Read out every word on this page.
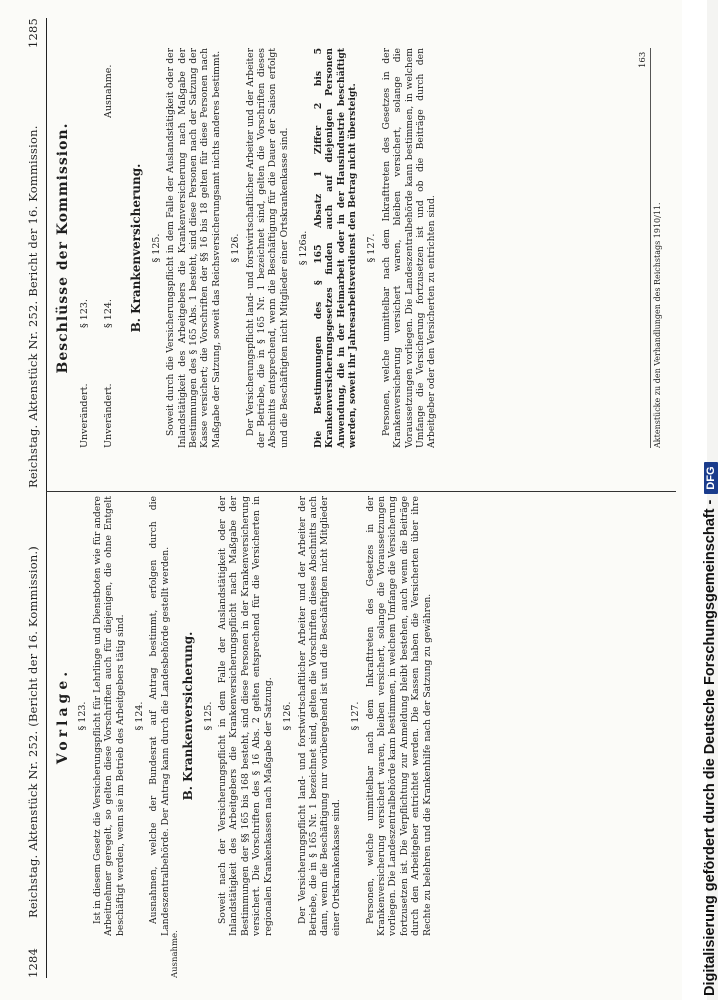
1284
Reichstag. Aktenstück Nr. 252. (Bericht der 16. Kommission.)
Reichstag. Aktenstück Nr. 252. Bericht der 16. Kommission.
1285
Vorlage. § 123. Ist in diesem Gesetz die Versicherungspflicht für Lehrlinge und Dienstboten wie für andere Arbeitnehmer geregelt, so gelten diese Vorschriften auch für diejenigen, die ohne Entgelt beschäftigt werden, wenn sie im Betrieb des Arbeitgebers tätig sind. § 124. Ausnahmen, welche der Bundesrat auf Antrag bestimmt, erfolgen durch die Landeszentralbehörde. Der Antrag kann durch die Landesbehörde gestellt werden. B. Krankenversicherung. § 125. Soweit nach der Versicherungspflicht in dem Falle der Auslandstätigkeit oder der Inlandstätigkeit des Arbeitgebers die Krankenversicherungspflicht nach Maßgabe der Bestimmungen der §§ 165 bis 168 besteht, sind diese Personen in der Krankenversicherung versichert. Die Vorschriften des § 16 Abs. 2 gelten entsprechend für die Versicherten in regionalen Krankenkassen nach Maßgabe der Satzung. § 126. Der Versicherungspflicht land- und forstwirtschaftlicher Arbeiter und der Arbeiter der Betriebe, die in § 165 Nr. 1 bezeichnet sind, gelten die Vorschriften dieses Abschnitts auch dann, wenn die Beschäftigung nur vorübergehend ist und die Beschäftigten nicht Mitglieder einer Ortskrankenkasse sind.
§ 127. Personen, welche unmittelbar nach dem Inkrafttreten des Gesetzes in der Krankenversicherung versichert waren, bleiben versichert, solange die Voraussetzungen vorliegen. Die Landeszentralbehörde kann bestimmen, in welchem Umfange die Versicherung fortzusetzen ist. Die Verpflichtung zur Anmeldung bleibt bestehen, auch wenn die Beiträge durch den Arbeitgeber entrichtet werden. Die Kassen haben die Versicherten über ihre Rechte zu belehren und die Krankenhilfe nach der Satzung zu gewähren.
Ausnahme.
Beschlüsse der Kommission.
Unverändert.
§ 123.
Unverändert.
§ 124.
Ausnahme.
B. Krankenversicherung. § 125. Soweit durch die Versicherungspflicht in dem Falle der Auslandstätigkeit oder der Inlandstätigkeit des Arbeitgebers die Krankenversicherung nach Maßgabe der Bestimmungen des § 165 Abs. 1 besteht, sind diese Personen nach der Satzung der Kasse versichert; die Vorschriften der §§ 16 bis 18 gelten für diese Personen nach Maßgabe der Satzung, soweit das Reichsversicherungsamt nichts anderes bestimmt. § 126. Der Versicherungspflicht land- und forstwirtschaftlicher Arbeiter und der Arbeiter der Betriebe, die in § 165 Nr. 1 bezeichnet sind, gelten die Vorschriften dieses Abschnitts entsprechend, wenn die Beschäftigung für die Dauer der Saison erfolgt und die Beschäftigten nicht Mitglieder einer Ortskrankenkasse sind. § 126a. Die Bestimmungen des § 165 Absatz 1 Ziffer 2 bis 5 Krankenversicherungsgesetzes finden auch auf diejenigen Personen Anwendung, die in der Heimarbeit oder in der Hausindustrie beschäftigt werden, soweit ihr Jahresarbeitsverdienst den Betrag nicht übersteigt. § 127. Personen, welche unmittelbar nach dem Inkrafttreten des Gesetzes in der Krankenversicherung versichert waren, bleiben versichert, solange die Voraussetzungen vorliegen. Die Landeszentralbehörde kann bestimmen, in welchem Umfange die Versicherung fortzusetzen ist und ob die Beiträge durch den Arbeitgeber oder den Versicherten zu entrichten sind.
163
Aktenstücke zu den Verhandlungen des Reichstags 1910/11.
Digitalisierung gefördert durch die Deutsche Forschungsgemeinschaft -DFG
